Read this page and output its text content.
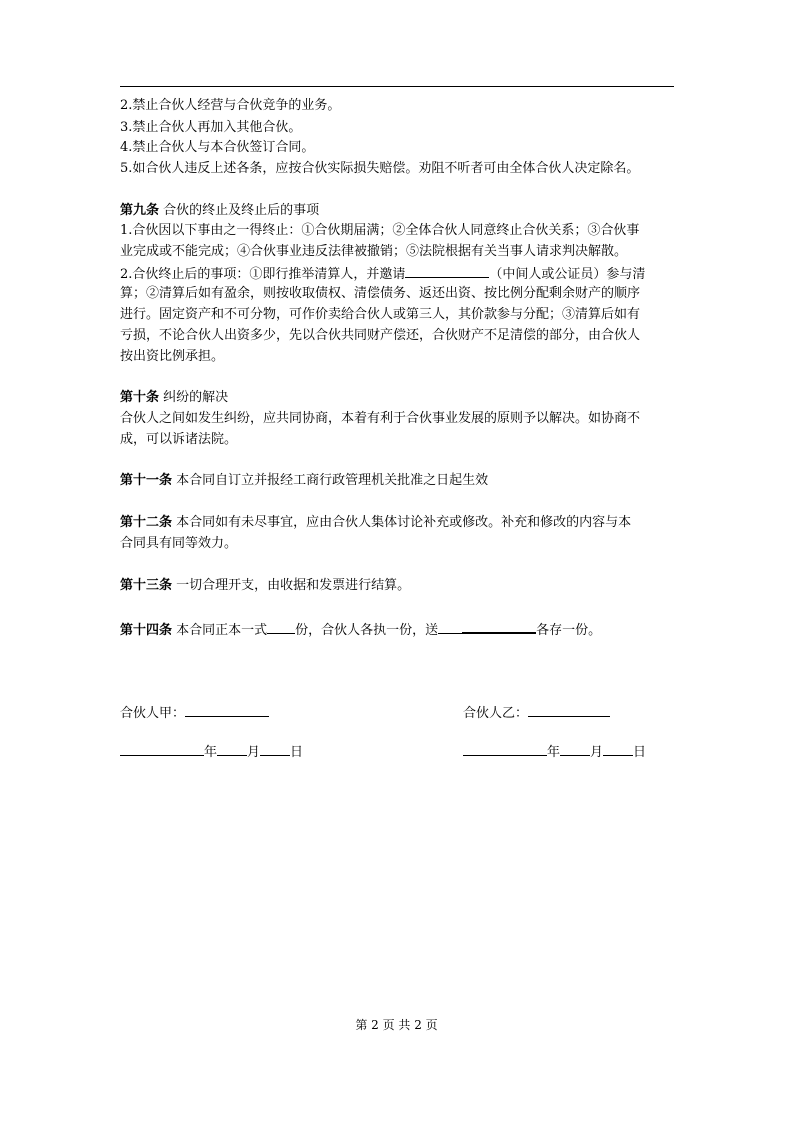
2.禁止合伙人经营与合伙竞争的业务。
3.禁止合伙人再加入其他合伙。
4.禁止合伙人与本合伙签订合同。
5.如合伙人违反上述各条，应按合伙实际损失赔偿。劝阻不听者可由全体合伙人决定除名。
第九条 合伙的终止及终止后的事项
1.合伙因以下事由之一得终止：①合伙期届满；②全体合伙人同意终止合伙关系；③合伙事
业完成或不能完成；④合伙事业违反法律被撤销；⑤法院根据有关当事人请求判决解散。
2.合伙终止后的事项：①即行推举清算人，并邀请	（中间人或公证员）参与清
算；②清算后如有盈余，则按收取债权、清偿债务、返还出资、按比例分配剩余财产的顺序
进行。固定资产和不可分物，可作价卖给合伙人或第三人，其价款参与分配；③清算后如有
亏损，不论合伙人出资多少，先以合伙共同财产偿还，合伙财产不足清偿的部分，由合伙人
按出资比例承担。
第十条 纠纷的解决
合伙人之间如发生纠纷，应共同协商，本着有利于合伙事业发展的原则予以解决。如协商不
成，可以诉诸法院。
第十一条 本合同自订立并报经工商行政管理机关批准之日起生效
第十二条 本合同如有未尽事宜，应由合伙人集体讨论补充或修改。补充和修改的内容与本
合同具有同等效力。
第十三条 一切合理开支，由收据和发票进行结算。
第十四条 本合同正本一式 份，合伙人各执一份，送	各存一份。
合伙人甲：	合伙人乙：
年 月 日	年 月 日
第 2 页 共 2 页
